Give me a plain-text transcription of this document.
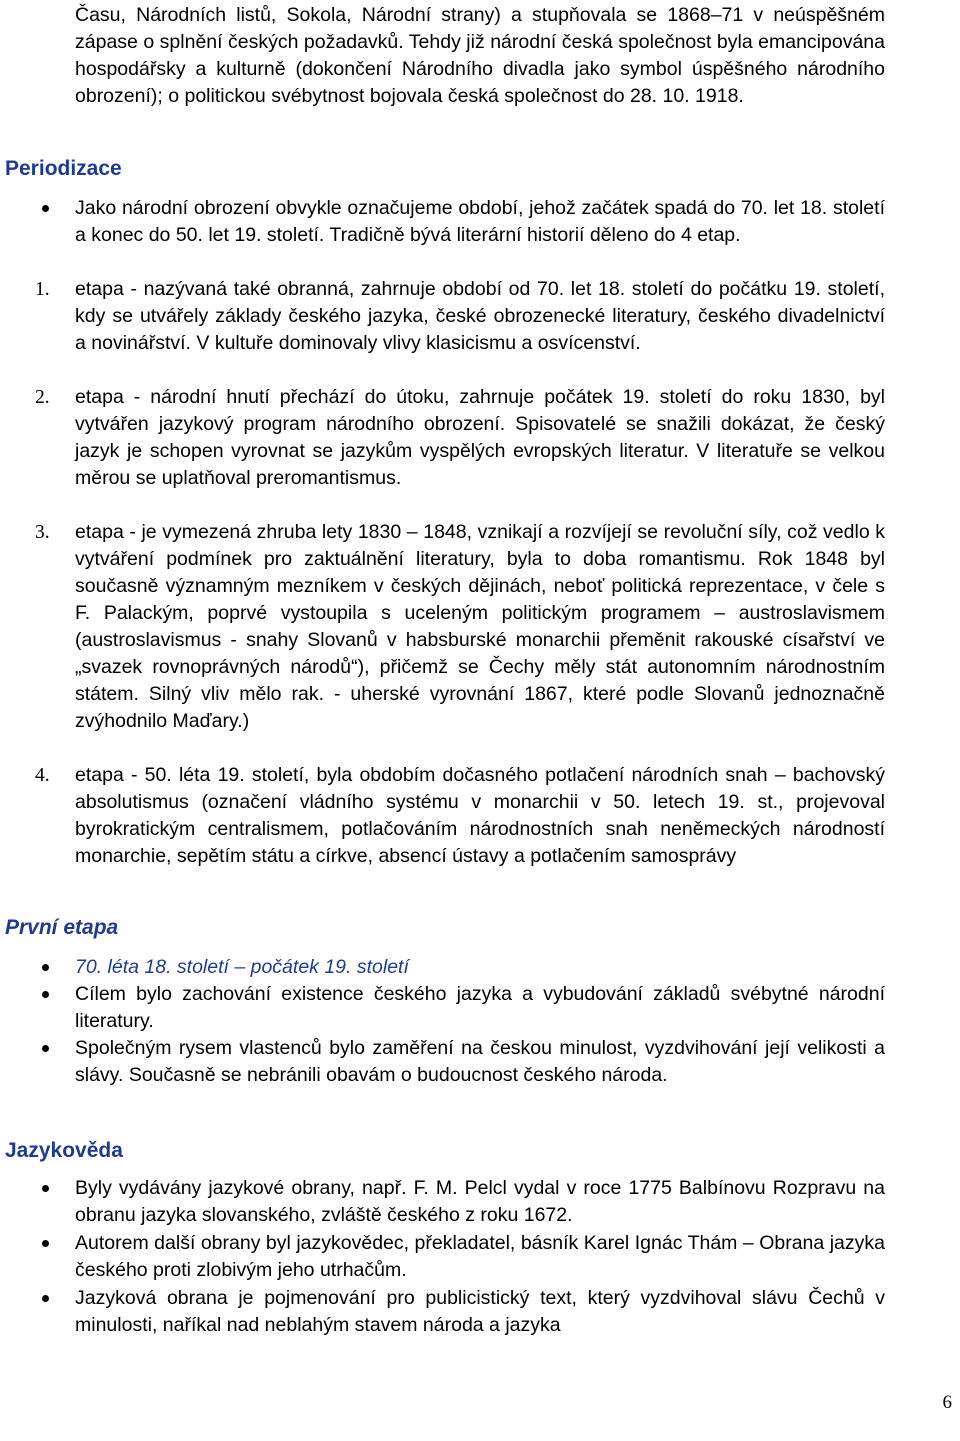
Času, Národních listů, Sokola, Národní strany) a stupňovala se 1868–71 v neúspěšném zápase o splnění českých požadavků. Tehdy již národní česká společnost byla emancipována hospodářsky a kulturně (dokončení Národního divadla jako symbol úspěšného národního obrození); o politickou svébytnost bojovala česká společnost do 28. 10. 1918.

Periodizace
Jako národní obrození obvykle označujeme období, jehož začátek spadá do 70. let 18. století a konec do 50. let 19. století. Tradičně bývá literární historií děleno do 4 etap.
1. etapa - nazývaná také obranná, zahrnuje období od 70. let 18. století do počátku 19. století, kdy se utvářely základy českého jazyka, české obrozenecké literatury, českého divadelnictví a novinářství. V kultuře dominovaly vlivy klasicismu a osvícenství.
2. etapa - národní hnutí přechází do útoku, zahrnuje počátek 19. století do roku 1830, byl vytvářen jazykový program národního obrození. Spisovatelé se snažili dokázat, že český jazyk je schopen vyrovnat se jazykům vyspělých evropských literatur. V literatuře se velkou měrou se uplatňoval preromantismus.
3. etapa - je vymezená zhruba lety 1830 – 1848, vznikají a rozvíjejí se revoluční síly, což vedlo k vytváření podmínek pro zaktuálnění literatury, byla to doba romantismu. Rok 1848 byl současně významným mezníkem v českých dějinách, neboť politická reprezentace, v čele s F. Palackým, poprvé vystoupila s uceleným politickým programem – austroslavismem (austroslavismus - snahy Slovanů v habsburské monarchii přeměnit rakouské císařství ve „svazek rovnoprávných národů“), přičemž se Čechy měly stát autonomním národnostním státem. Silný vliv mělo rak. - uherské vyrovnání 1867, které podle Slovanů jednoznačně zvýhodnilo Maďary.)
4. etapa - 50. léta 19. století, byla obdobím dočasného potlačení národních snah – bachovský absolutismus (označení vládního systému v monarchii v 50. letech 19. st., projevoval byrokratickým centralismem, potlačováním národnostních snah neněmeckých národností monarchie, sepětím státu a církve, absencí ústavy a potlačením samosprávy
První etapa
70. léta 18. století – počátek 19. století
Cílem bylo zachování existence českého jazyka a vybudování základů svébytné národní literatury.
Společným rysem vlastenců bylo zaměření na českou minulost, vyzdvihování její velikosti a slávy. Současně se nebránili obavám o budoucnost českého národa.
Jazykověda
Byly vydávány jazykové obrany, např. F. M. Pelcl vydal v roce 1775 Balbínovu Rozpravu na obranu jazyka slovanského, zvláště českého z roku 1672.
Autorem další obrany byl jazykovědec, překladatel, básník Karel Ignác Thám – Obrana jazyka českého proti zlobivým jeho utrhačům.
Jazyková obrana je pojmenování pro publicistický text, který vyzdvihoval slávu Čechů v minulosti, naříkal nad neblahým stavem národa a jazyka
6
